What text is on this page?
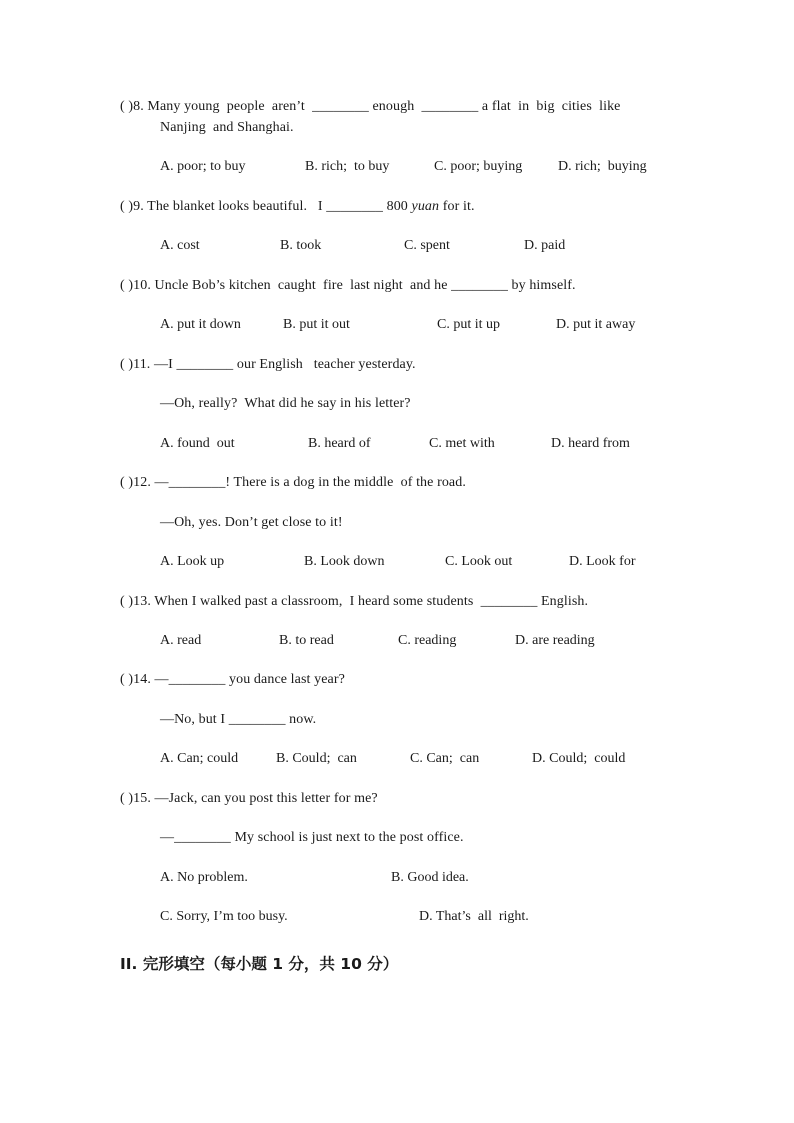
( )8. Many young  people  aren’t  ________ enough  ________ a flat  in  big  cities  like
Nanjing  and Shanghai.
A. poor; to buy	B. rich;  to buy	C. poor; buying	D. rich;  buying
( )9. The blanket looks beautiful.   I ________ 800 yuan for it.
A. cost	B. took	C. spent	D. paid
( )10. Uncle Bob’s kitchen  caught  fire  last night  and he ________ by himself.
A. put it down	B. put it out	C. put it up	D. put it away
( )11. —I ________ our English   teacher yesterday.
—Oh, really?  What did he say in his letter?
A. found  out	B. heard of	C. met with	D. heard from
( )12. —________! There is a dog in the middle  of the road.
—Oh, yes. Don’t get close to it!
A. Look up	B. Look down	C. Look out	D. Look for
( )13. When I walked past a classroom,  I heard some students  ________ English.
A. read	B. to read	C. reading	D. are reading
( )14. —________ you dance last year?
—No, but I ________ now.
A. Can; could	B. Could;  can	C. Can;  can	D. Could;  could
( )15. —Jack, can you post this letter for me?
—________ My school is just next to the post office.
A. No problem.	B. Good idea.
C. Sorry, I’m too busy.	D. That’s  all  right.
II. 完形填空（每小题 1 分，共 10 分）
